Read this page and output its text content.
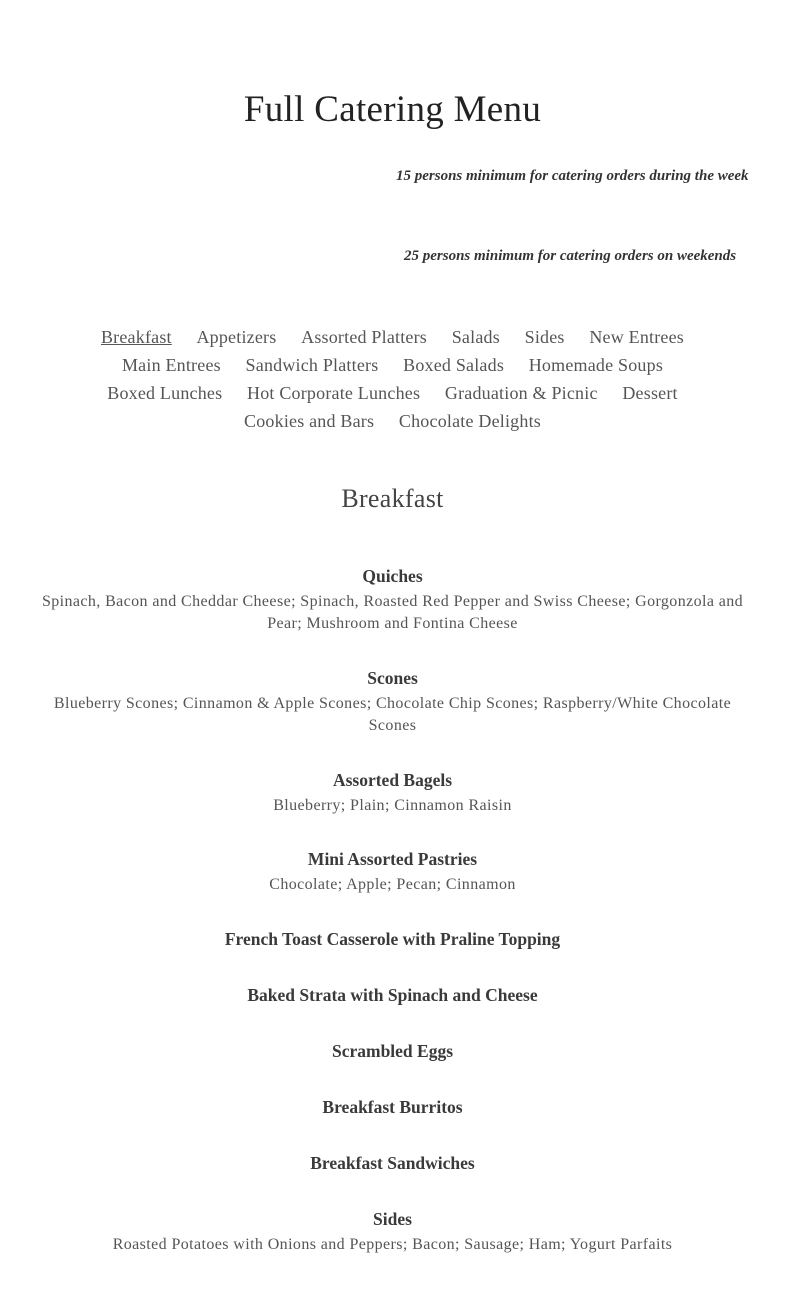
Full Catering Menu

15 persons minimum for catering orders during the week

25 persons minimum for catering orders on weekends

Breakfast Appetizers Assorted Platters Salads Sides New Entrees Main Entrees Sandwich Platters Boxed Salads Homemade Soups Boxed Lunches Hot Corporate Lunches Graduation & Picnic Dessert Cookies and Bars Chocolate Delights
Breakfast

Quiches

Spinach, Bacon and Cheddar Cheese; Spinach, Roasted Red Pepper and Swiss Cheese; Gorgonzola and Pear; Mushroom and Fontina Cheese

Scones

Blueberry Scones; Cinnamon & Apple Scones; Chocolate Chip Scones; Raspberry/White Chocolate Scones

Assorted Bagels

Blueberry; Plain; Cinnamon Raisin

Mini Assorted Pastries

Chocolate; Apple; Pecan; Cinnamon

French Toast Casserole with Praline Topping

Baked Strata with Spinach and Cheese

Scrambled Eggs

Breakfast Burritos

Breakfast Sandwiches

Sides

Roasted Potatoes with Onions and Peppers; Bacon; Sausage; Ham; Yogurt Parfaits
